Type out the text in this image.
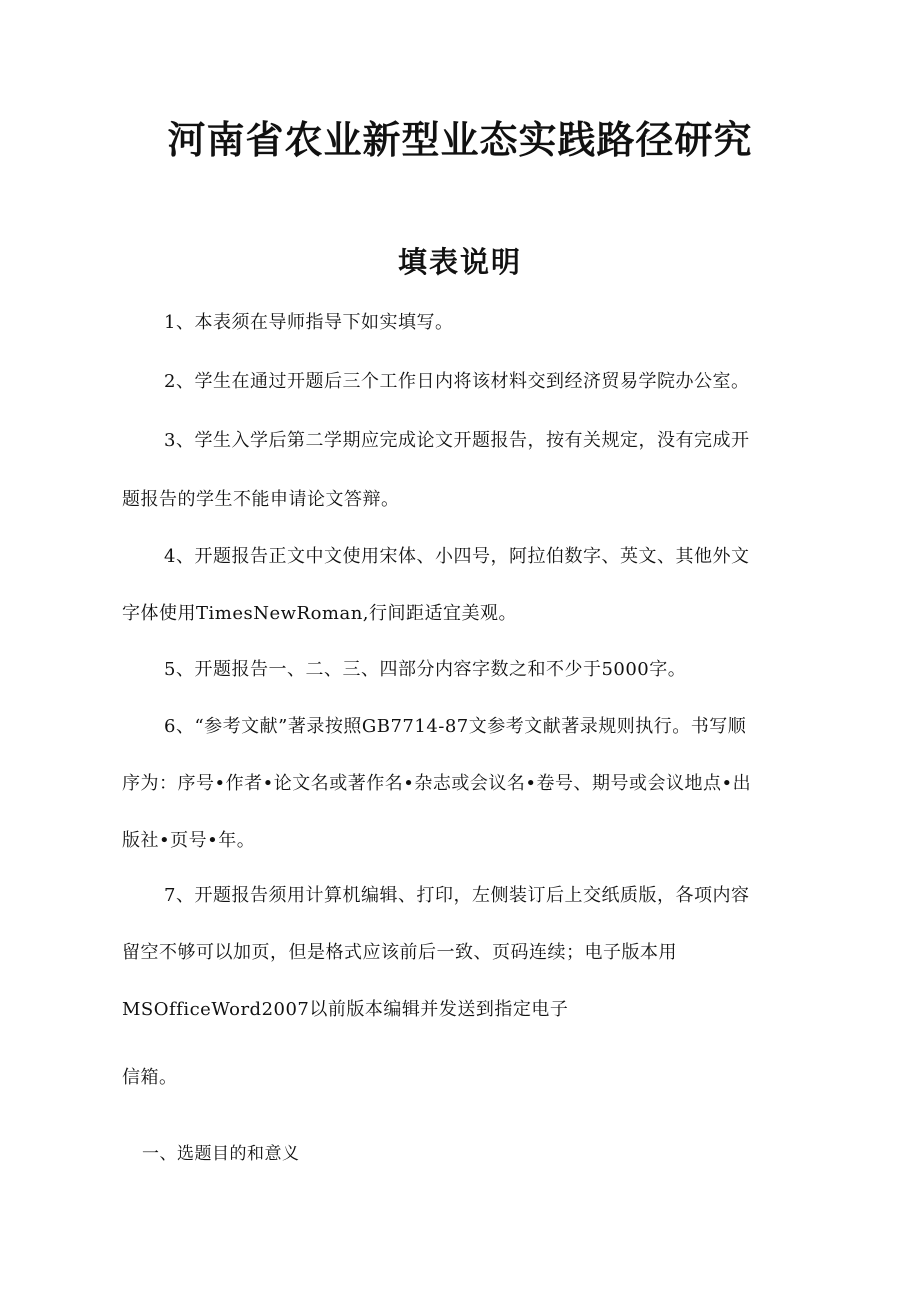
河南省农业新型业态实践路径研究
填表说明

1、本表须在导师指导下如实填写。

2、学生在通过开题后三个工作日内将该材料交到经济贸易学院办公室。

3、学生入学后第二学期应完成论文开题报告，按有关规定，没有完成开

题报告的学生不能申请论文答辩。

4、开题报告正文中文使用宋体、小四号，阿拉伯数字、英文、其他外文

字体使用TimesNewRoman,行间距适宜美观。

5、开题报告一、二、三、四部分内容字数之和不少于5000字。

6、“参考文献”著录按照GB7714-87文参考文献著录规则执行。书写顺

序为：序号•作者•论文名或著作名•杂志或会议名•卷号、期号或会议地点•出

版社•页号•年。

7、开题报告须用计算机编辑、打印，左侧装订后上交纸质版，各项内容

留空不够可以加页，但是格式应该前后一致、页码连续；电子版本用

MSOfficeWord2007以前版本编辑并发送到指定电子

信箱。

一、选题目的和意义
